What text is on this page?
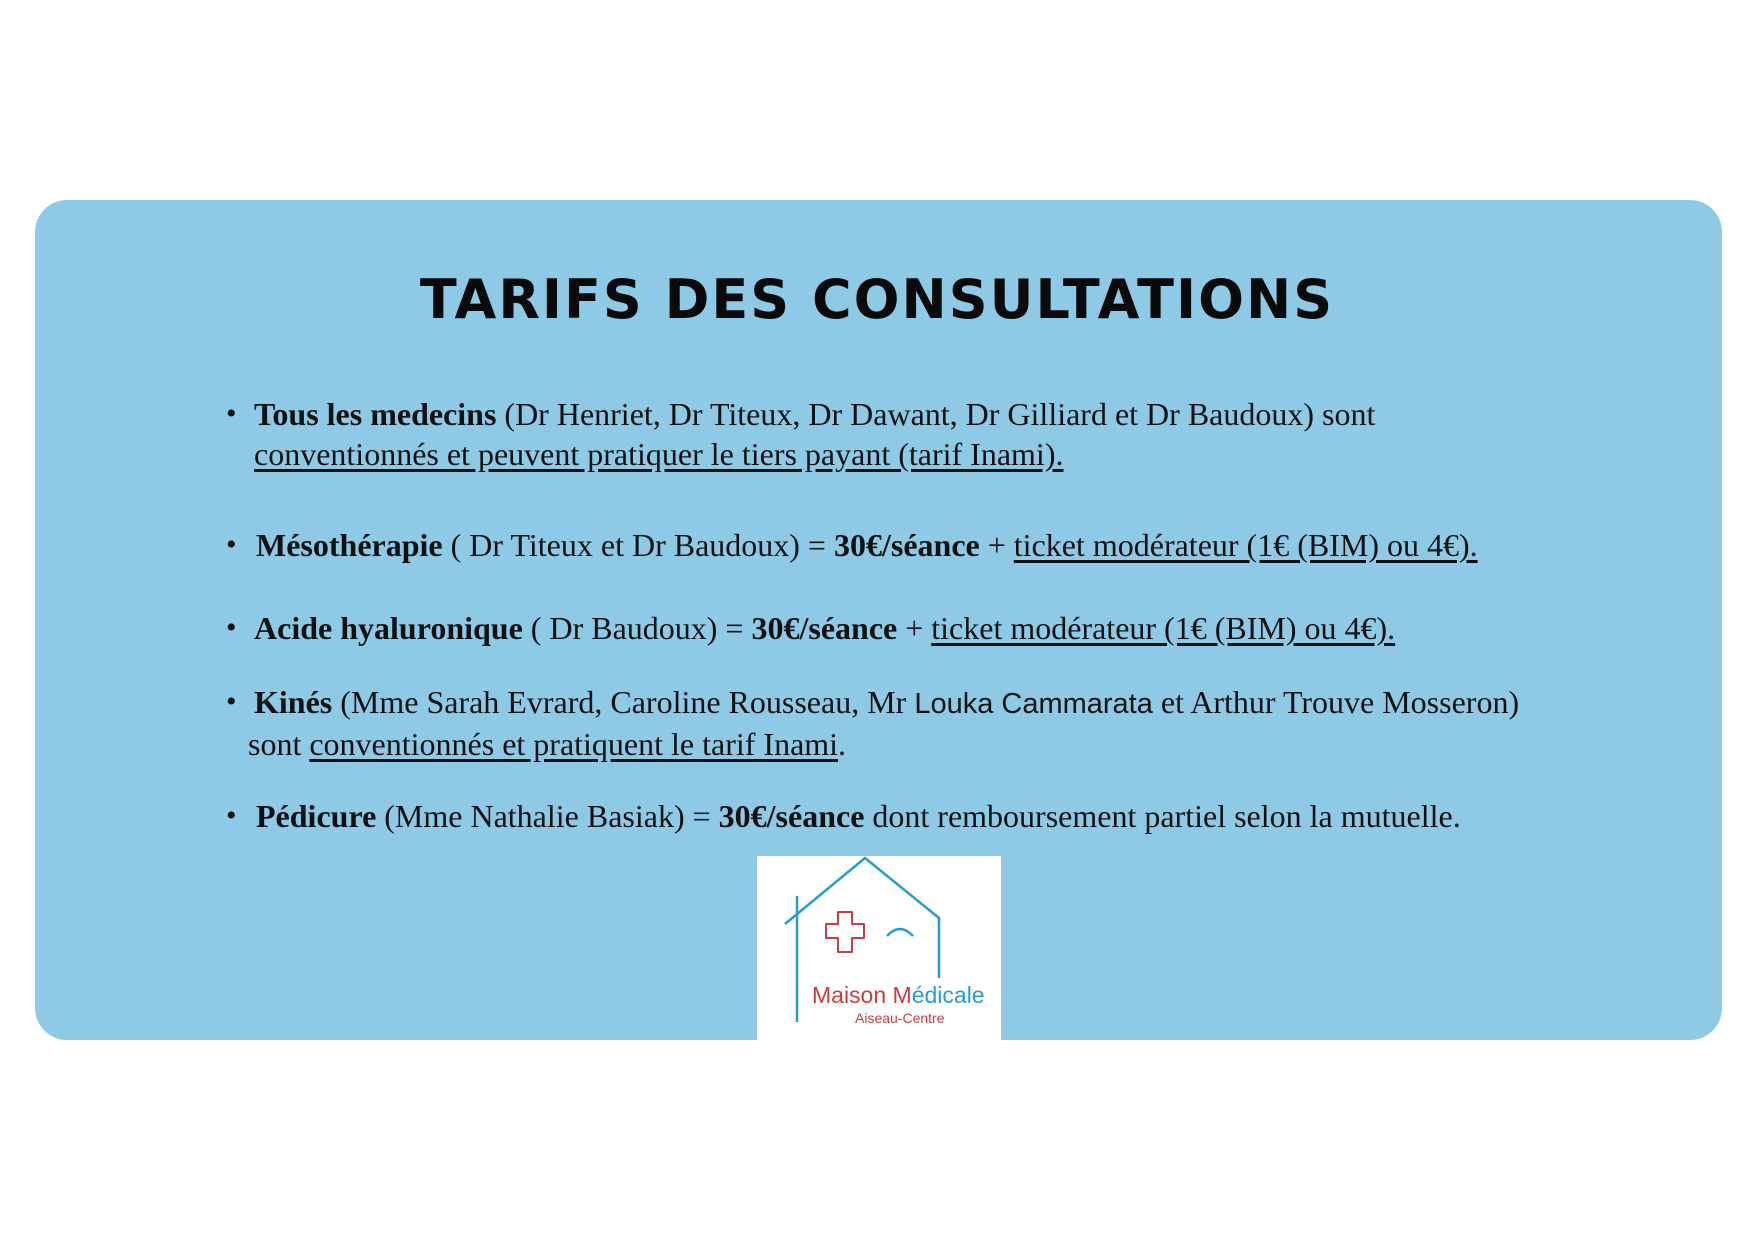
TARIFS DES CONSULTATIONS
• Tous les medecins (Dr Henriet, Dr Titeux, Dr Dawant, Dr Gilliard et Dr Baudoux) sont
conventionnés et peuvent pratiquer le tiers payant (tarif Inami).
• Mésothérapie ( Dr Titeux et Dr Baudoux) = 30€/séance + ticket modérateur (1€ (BIM) ou 4€).
• Acide hyaluronique ( Dr Baudoux) = 30€/séance + ticket modérateur (1€ (BIM) ou 4€).
• Kinés (Mme Sarah Evrard, Caroline Rousseau, Mr Louka Cammarata et Arthur Trouve Mosseron)
sont conventionnés et pratiquent le tarif Inami.
• Pédicure (Mme Nathalie Basiak) = 30€/séance dont remboursement partiel selon la mutuelle.
Maison Médicale
Aiseau-Centre
